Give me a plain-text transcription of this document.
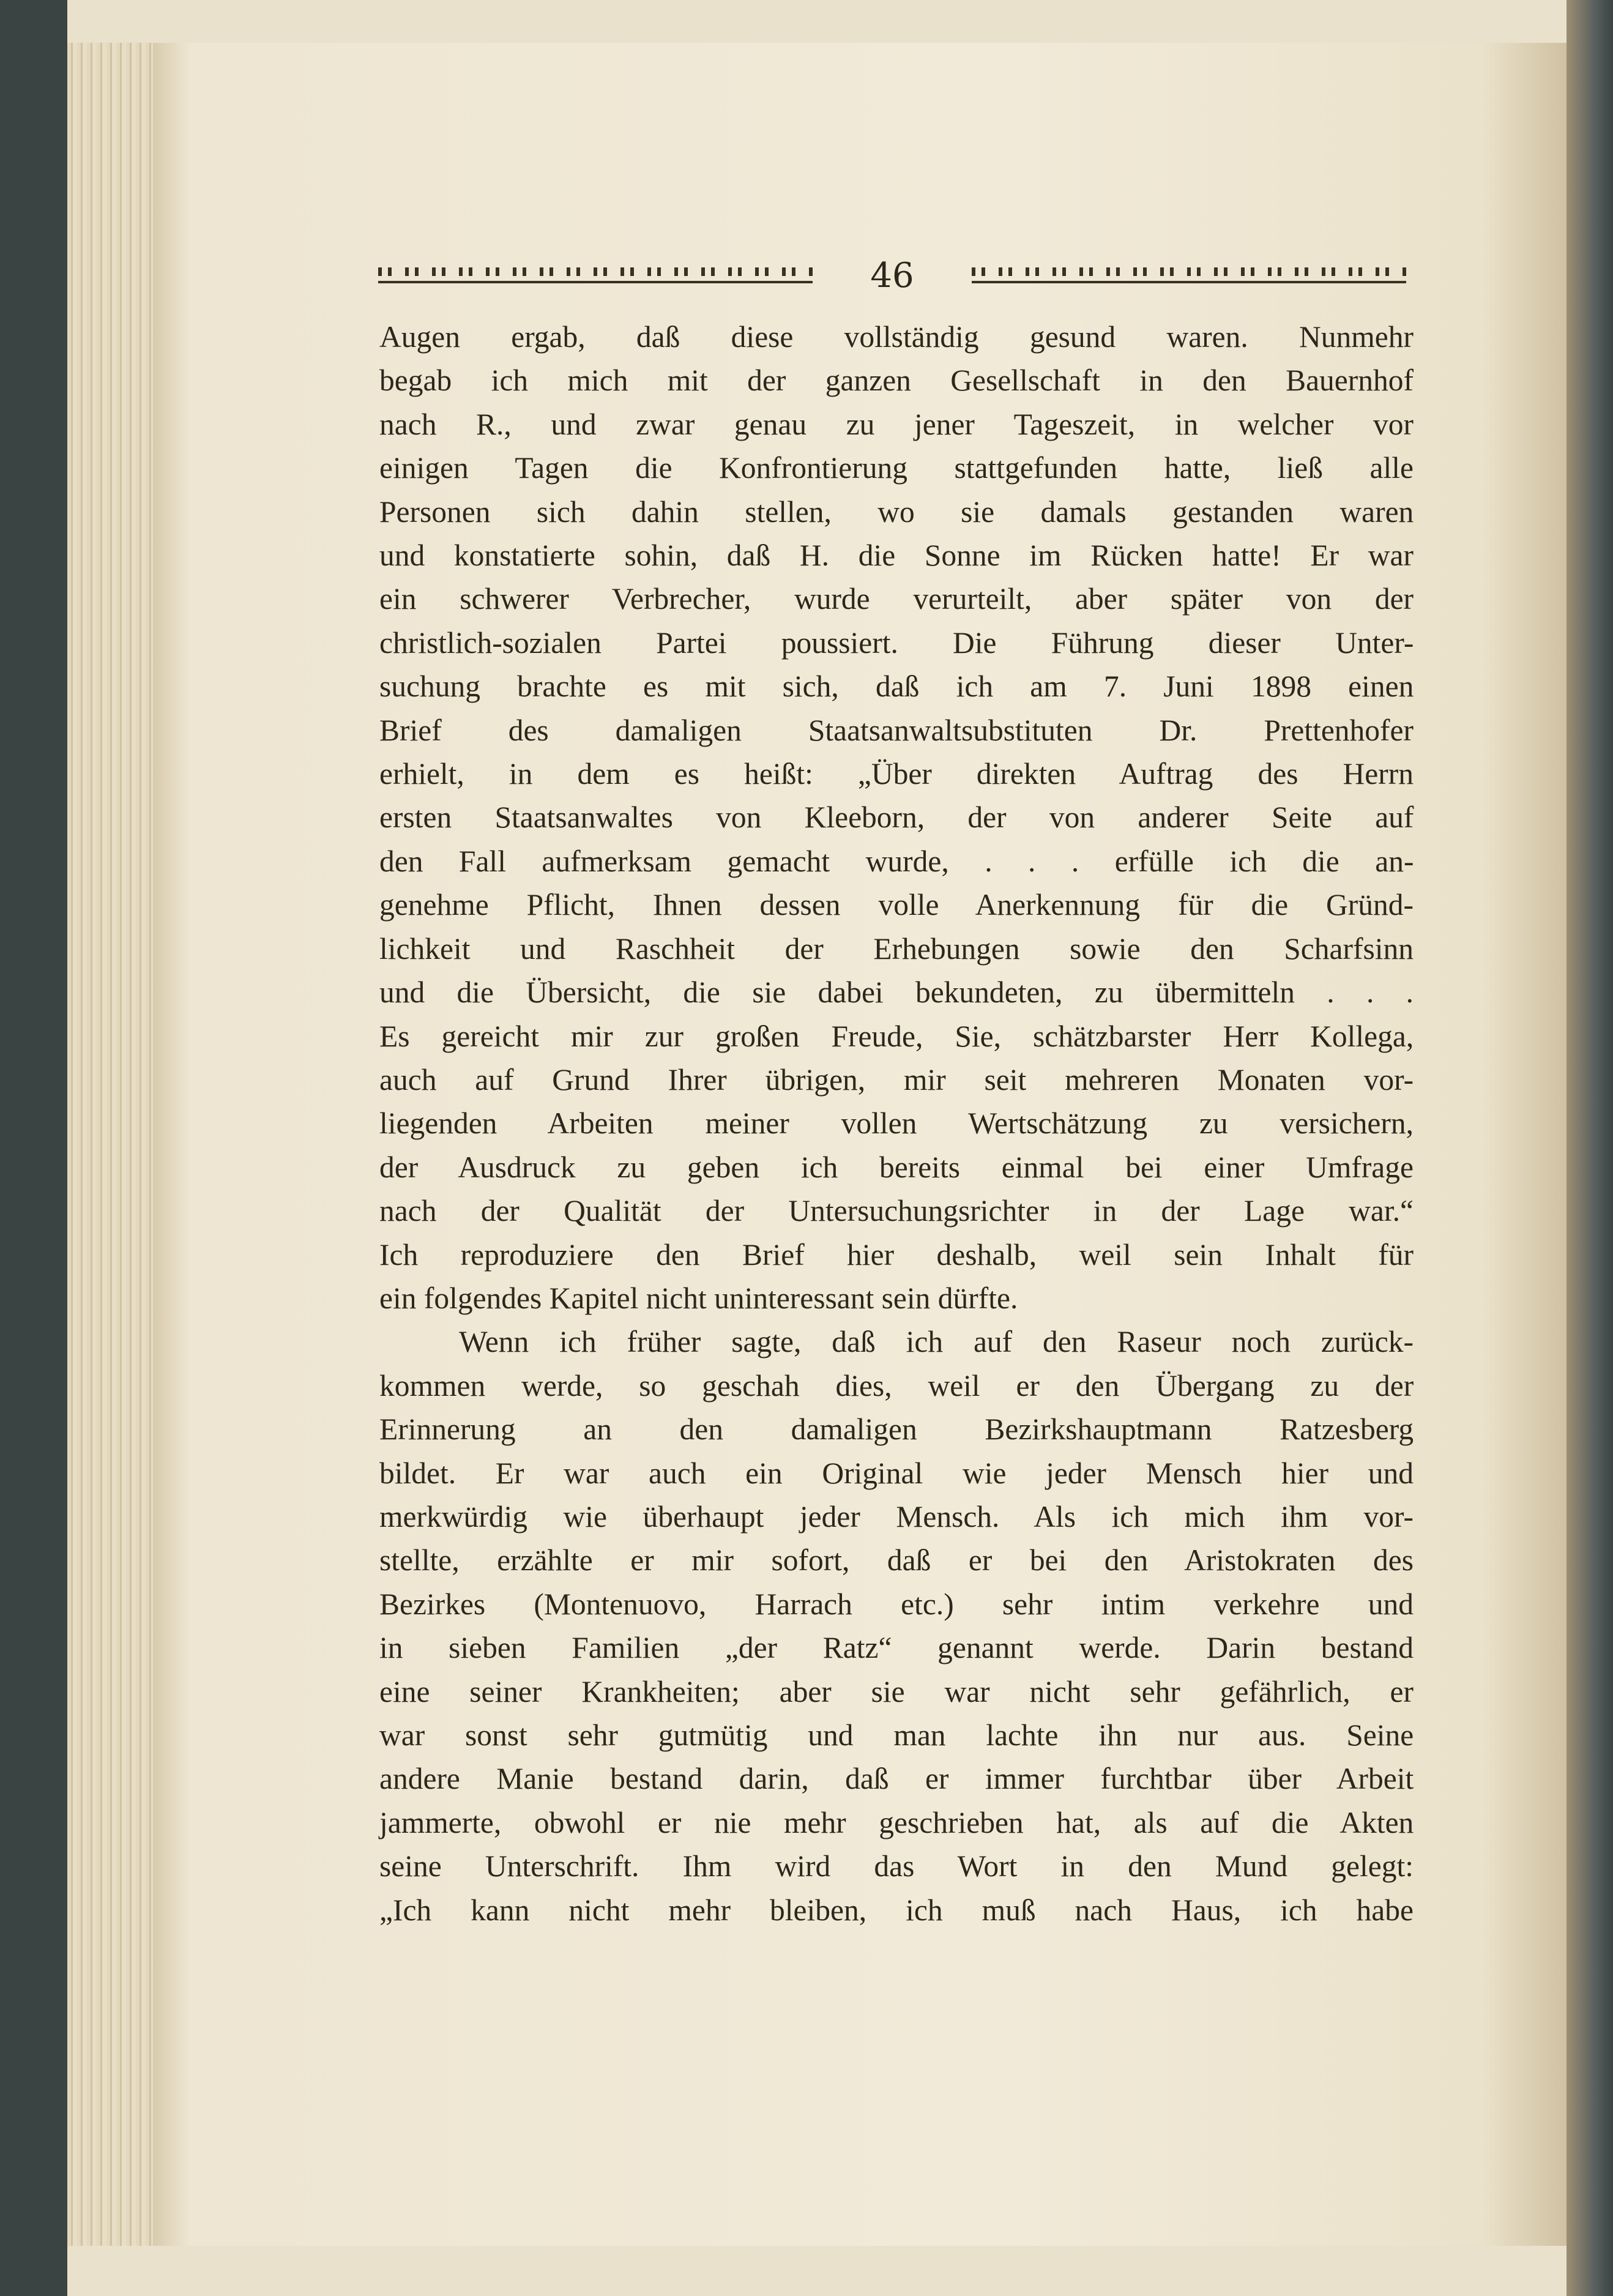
46
Augen ergab, daß diese vollständig gesund waren. Nunmehr
begab ich mich mit der ganzen Gesellschaft in den Bauernhof
nach R., und zwar genau zu jener Tageszeit, in welcher vor
einigen Tagen die Konfrontierung stattgefunden hatte, ließ alle
Personen sich dahin stellen, wo sie damals gestanden waren
und konstatierte sohin, daß H. die Sonne im Rücken hatte! Er war
ein schwerer Verbrecher, wurde verurteilt, aber später von der
christlich-sozialen Partei poussiert. Die Führung dieser Unter-
suchung brachte es mit sich, daß ich am 7. Juni 1898 einen
Brief des damaligen Staatsanwaltsubstituten Dr. Prettenhofer
erhielt, in dem es heißt: „Über direkten Auftrag des Herrn
ersten Staatsanwaltes von Kleeborn, der von anderer Seite auf
den Fall aufmerksam gemacht wurde, . . . erfülle ich die an-
genehme Pflicht, Ihnen dessen volle Anerkennung für die Gründ-
lichkeit und Raschheit der Erhebungen sowie den Scharfsinn
und die Übersicht, die sie dabei bekundeten, zu übermitteln . . .
Es gereicht mir zur großen Freude, Sie, schätzbarster Herr Kollega,
auch auf Grund Ihrer übrigen, mir seit mehreren Monaten vor-
liegenden Arbeiten meiner vollen Wertschätzung zu versichern,
der Ausdruck zu geben ich bereits einmal bei einer Umfrage
nach der Qualität der Untersuchungsrichter in der Lage war.“
Ich reproduziere den Brief hier deshalb, weil sein Inhalt für
ein folgendes Kapitel nicht uninteressant sein dürfte.
Wenn ich früher sagte, daß ich auf den Raseur noch zurück-
kommen werde, so geschah dies, weil er den Übergang zu der
Erinnerung an den damaligen Bezirkshauptmann Ratzesberg
bildet. Er war auch ein Original wie jeder Mensch hier und
merkwürdig wie überhaupt jeder Mensch. Als ich mich ihm vor-
stellte, erzählte er mir sofort, daß er bei den Aristokraten des
Bezirkes (Montenuovo, Harrach etc.) sehr intim verkehre und
in sieben Familien „der Ratz“ genannt werde. Darin bestand
eine seiner Krankheiten; aber sie war nicht sehr gefährlich, er
war sonst sehr gutmütig und man lachte ihn nur aus. Seine
andere Manie bestand darin, daß er immer furchtbar über Arbeit
jammerte, obwohl er nie mehr geschrieben hat, als auf die Akten
seine Unterschrift. Ihm wird das Wort in den Mund gelegt:
„Ich kann nicht mehr bleiben, ich muß nach Haus, ich habe
